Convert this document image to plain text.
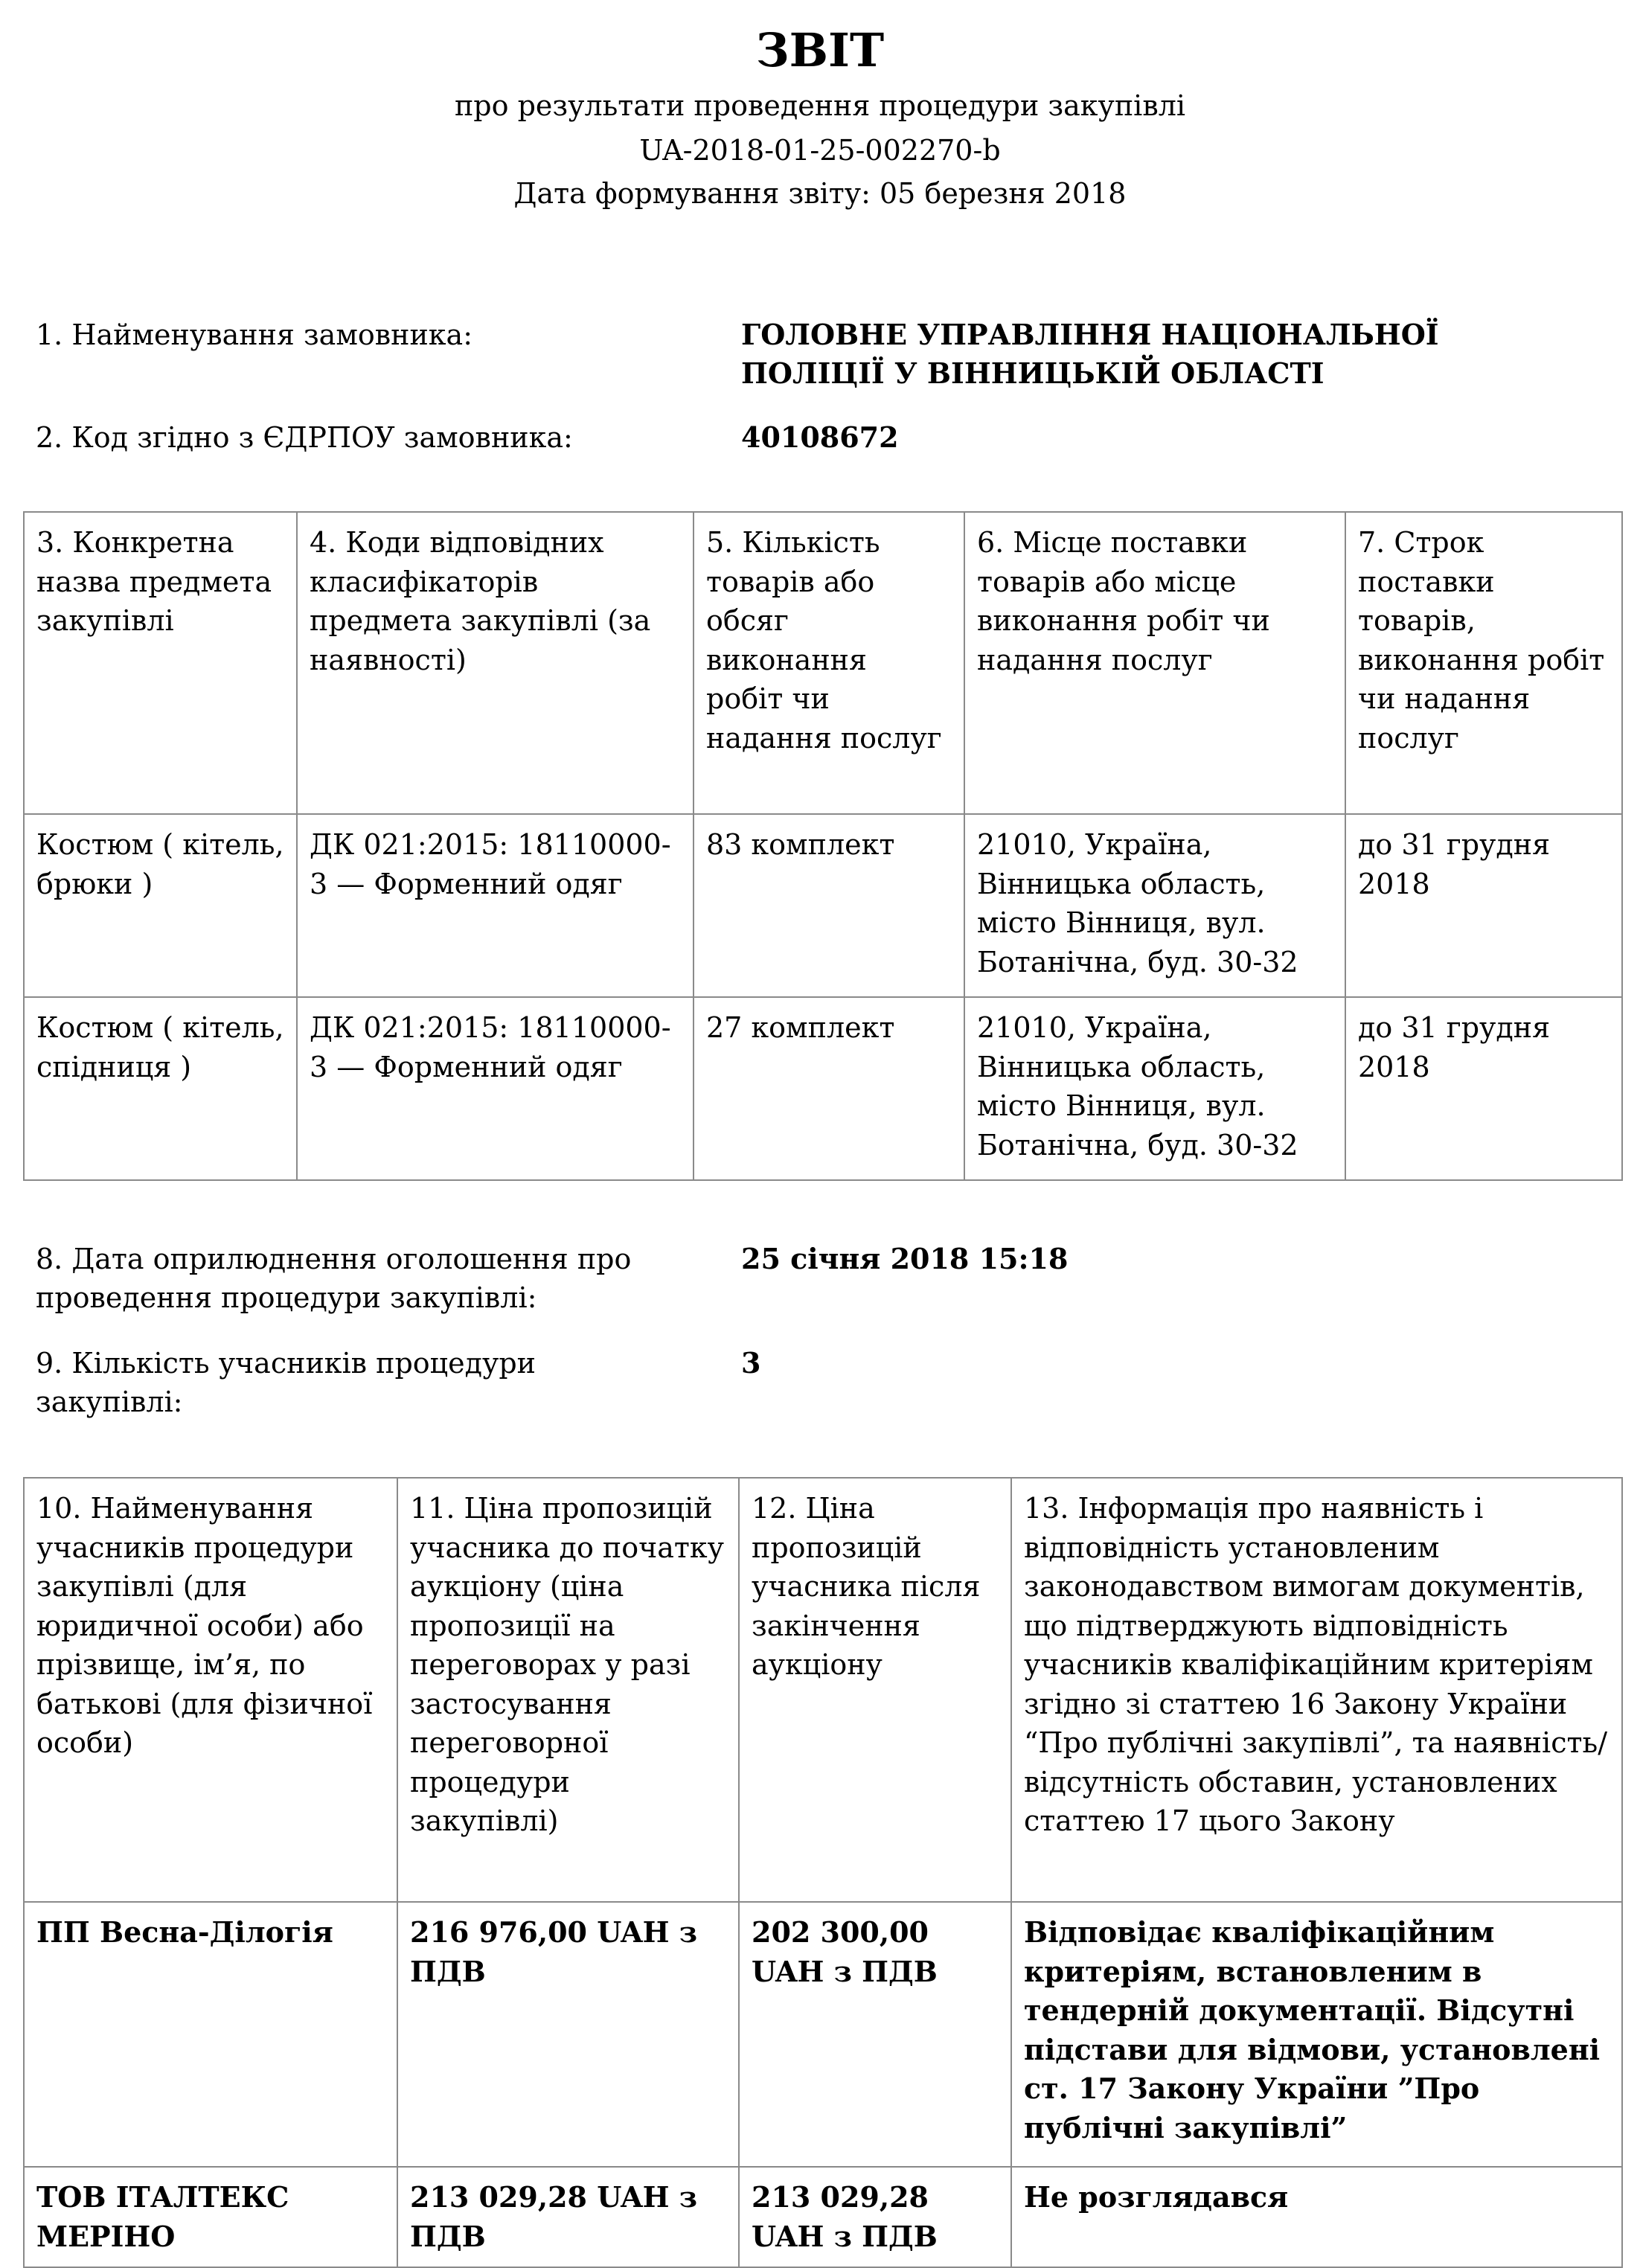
ЗВІТ
про результати проведення процедури закупівлі
UA-2018-01-25-002270-b
Дата формування звіту: 05 березня 2018
1. Найменування замовника:	ГОЛОВНЕ УПРАВЛІННЯ НАЦІОНАЛЬНОЇ
ПОЛІЦІЇ У ВІННИЦЬКІЙ ОБЛАСТІ
2. Код згідно з ЄДРПОУ замовника:	40108672
3. Конкретна назва предмета закупівлі	4. Коди відповідних класифікаторів предмета закупівлі (за наявності)	5. Кількість товарів або обсяг виконання робіт чи надання послуг	6. Місце поставки товарів або місце виконання робіт чи надання послуг	7. Строк поставки товарів, виконання робіт чи надання послуг
Костюм ( кітель, брюки )	ДК 021:2015: 18110000-3 — Форменний одяг	83 комплект	21010, Україна, Вінницька область, місто Вінниця, вул. Ботанічна, буд. 30-32	до 31 грудня 2018
Костюм ( кітель, спідниця )	ДК 021:2015: 18110000-3 — Форменний одяг	27 комплект	21010, Україна, Вінницька область, місто Вінниця, вул. Ботанічна, буд. 30-32	до 31 грудня 2018
8. Дата оприлюднення оголошення про проведення процедури закупівлі:
25 січня 2018 15:18
9. Кількість учасників процедури закупівлі:
3
10. Найменування учасників процедури закупівлі (для юридичної особи) або прізвище, ім’я, по батькові (для фізичної особи)	11. Ціна пропозицій учасника до початку аукціону (ціна пропозиції на переговорах у разі застосування переговорної процедури закупівлі)	12. Ціна пропозицій учасника після закінчення аукціону	13. Інформація про наявність і відповідність установленим законодавством вимогам документів, що підтверджують відповідність учасників кваліфікаційним критеріям згідно зі статтею 16 Закону України “Про публічні закупівлі”, та наявність/відсутність обставин, установлених статтею 17 цього Закону
ПП Весна-Ділогія	216 976,00 UAH з ПДВ	202 300,00 UAH з ПДВ	Відповідає кваліфікаційним критеріям, встановленим в тендерній документації. Відсутні підстави для відмови, установлені ст. 17 Закону України ”Про публічні закупівлі”
ТОВ ІТАЛТЕКС МЕРІНО	213 029,28 UAH з ПДВ	213 029,28 UAH з ПДВ	Не розглядався
